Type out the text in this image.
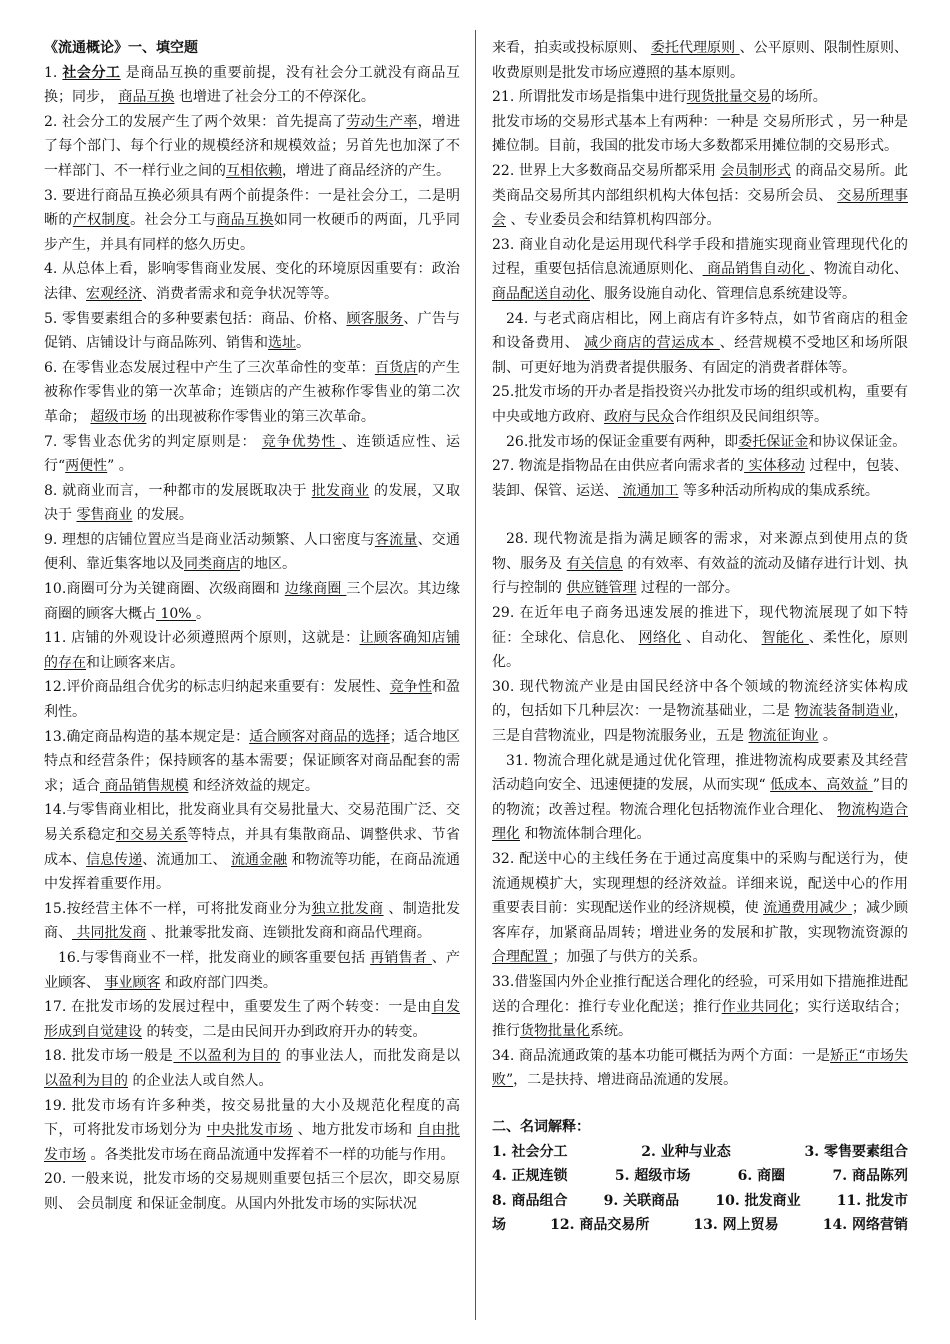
《流通概论》一、填空题
1. 社会分工 是商品互换的重要前提，没有社会分工就没有商品互换；同步， 商品互换 也增进了社会分工的不停深化。
2. 社会分工的发展产生了两个效果：首先提高了劳动生产率，增进了每个部门、每个行业的规模经济和规模效益；另首先也加深了不一样部门、不一样行业之间的互相依赖，增进了商品经济的产生。
3. 要进行商品互换必须具有两个前提条件：一是社会分工，二是明晰的产权制度。社会分工与商品互换如同一枚硬币的两面，几乎同步产生，并具有同样的悠久历史。
4. 从总体上看，影响零售商业发展、变化的环境原因重要有：政治法律、宏观经济、消费者需求和竞争状况等等。
5. 零售要素组合的多种要素包括：商品、价格、顾客服务、广告与促销、店铺设计与商品陈列、销售和选址。
6. 在零售业态发展过程中产生了三次革命性的变革：百货店的产生被称作零售业的第一次革命；连锁店的产生被称作零售业的第二次革命； 超级市场 的出现被称作零售业的第三次革命。
7. 零售业态优劣的判定原则是： 竞争优势性 、连锁适应性、运行“两便性” 。
8. 就商业而言，一种都市的发展既取决于 批发商业 的发展，又取决于 零售商业 的发展。
9. 理想的店铺位置应当是商业活动频繁、人口密度与客流量、交通便利、靠近集客地以及同类商店的地区。
10.商圈可分为关键商圈、次级商圈和 边缘商圈 三个层次。其边缘商圈的顾客大概占 10% 。
11. 店铺的外观设计必须遵照两个原则，这就是：让顾客确知店铺的存在和让顾客来店。
12.评价商品组合优劣的标志归纳起来重要有：发展性、竞争性和盈利性。
13.确定商品构造的基本规定是：适合顾客对商品的选择；适合地区特点和经营条件；保持顾客的基本需要；保证顾客对商品配套的需求；适合 商品销售规模 和经济效益的规定。
14.与零售商业相比，批发商业具有交易批量大、交易范围广泛、交易关系稳定和交易关系等特点，并具有集散商品、调整供求、节省成本、信息传递、流通加工、 流通金融 和物流等功能，在商品流通中发挥着重要作用。
15.按经营主体不一样，可将批发商业分为独立批发商 、制造批发商、 共同批发商 、批兼零批发商、连锁批发商和商品代理商。
16.与零售商业不一样，批发商业的顾客重要包括 再销售者 、产业顾客、 事业顾客 和政府部门四类。
17. 在批发市场的发展过程中，重要发生了两个转变：一是由自发形成到自觉建设 的转变，二是由民间开办到政府开办的转变。
18. 批发市场一般是 不以盈利为目的 的事业法人，而批发商是以 以盈利为目的 的企业法人或自然人。
19. 批发市场有许多种类，按交易批量的大小及规范化程度的高下，可将批发市场划分为 中央批发市场 、地方批发市场和 自由批发市场 。各类批发市场在商品流通中发挥着不一样的功能与作用。
20. 一般来说，批发市场的交易规则重要包括三个层次，即交易原则、 会员制度 和保证金制度。从国内外批发市场的实际状况
来看，拍卖或投标原则、 委托代理原则 、公平原则、限制性原则、收费原则是批发市场应遵照的基本原则。
21. 所谓批发市场是指集中进行现货批量交易的场所。
批发市场的交易形式基本上有两种：一种是 交易所形式 ，另一种是摊位制。目前，我国的批发市场大多数都采用摊位制的交易形式。
22. 世界上大多数商品交易所都采用 会员制形式 的商品交易所。此类商品交易所其内部组织机构大体包括：交易所会员、 交易所理事会 、专业委员会和结算机构四部分。
23. 商业自动化是运用现代科学手段和措施实现商业管理现代化的过程，重要包括信息流通原则化、 商品销售自动化 、物流自动化、商品配送自动化、服务设施自动化、管理信息系统建设等。
24. 与老式商店相比，网上商店有许多特点，如节省商店的租金和设备费用、 减少商店的营运成本 、经营规模不受地区和场所限制、可更好地为消费者提供服务、有固定的消费者群体等。
25.批发市场的开办者是指投资兴办批发市场的组织或机构，重要有中央或地方政府、政府与民众合作组织及民间组织等。
26.批发市场的保证金重要有两种，即委托保证金和协议保证金。
27. 物流是指物品在由供应者向需求者的 实体移动 过程中，包装、装卸、保管、运送、 流通加工 等多种活动所构成的集成系统。
28. 现代物流是指为满足顾客的需求，对来源点到使用点的货物、服务及 有关信息 的有效率、有效益的流动及储存进行计划、执行与控制的 供应链管理 过程的一部分。
29. 在近年电子商务迅速发展的推进下，现代物流展现了如下特征：全球化、信息化、 网络化 、自动化、 智能化 、柔性化，原则化。
30. 现代物流产业是由国民经济中各个领域的物流经济实体构成的，包括如下几种层次：一是物流基础业，二是 物流装备制造业，三是自营物流业，四是物流服务业，五是 物流征询业 。
31. 物流合理化就是通过优化管理，推进物流构成要素及其经营活动趋向安全、迅速便捷的发展，从而实现“ 低成本、高效益 ”目的的物流；改善过程。物流合理化包括物流作业合理化、 物流构造合理化 和物流体制合理化。
32. 配送中心的主线任务在于通过高度集中的采购与配送行为，使流通规模扩大，实现理想的经济效益。详细来说，配送中心的作用重要表目前：实现配送作业的经济规模，使 流通费用减少 ；减少顾客库存，加紧商品周转；增进业务的发展和扩散，实现物流资源的 合理配置 ；加强了与供方的关系。
33.借鉴国内外企业推行配送合理化的经验，可采用如下措施推进配送的合理化：推行专业化配送；推行作业共同化；实行送取结合；推行货物批量化系统。
34. 商品流通政策的基本功能可概括为两个方面：一是矫正“市场失败”，二是扶持、增进商品流通的发展。
二、名词解释：
1. 社会分工	2. 业种与业态	3. 零售要素组合
4. 正规连锁	5. 超级市场	6. 商圈	7. 商品陈列
8. 商品组合	9. 关联商品	10. 批发商业	11. 批发市
场	12. 商品交易所	13. 网上贸易	14. 网络营销
